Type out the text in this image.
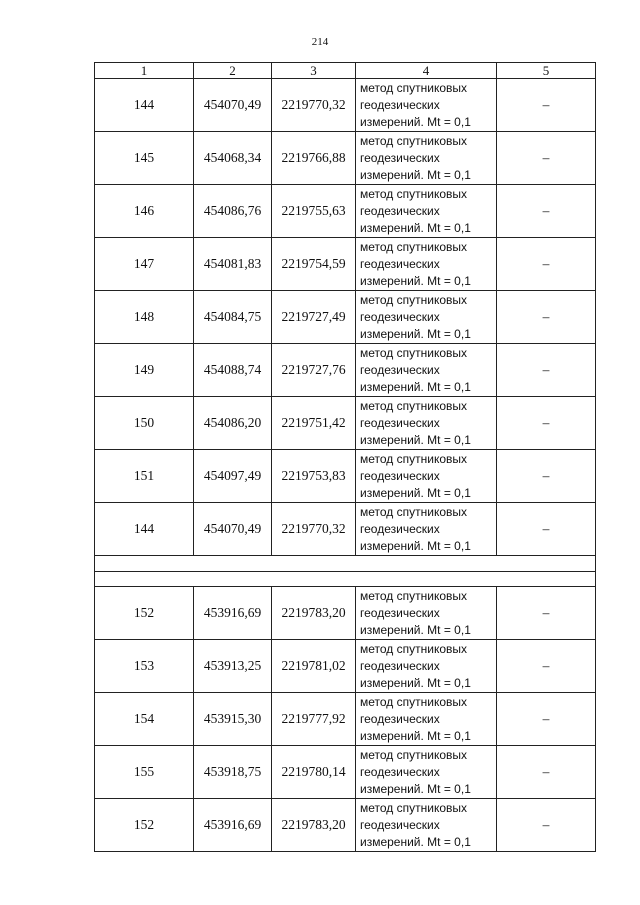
214
1	2	3	4	5
144	454070,49	2219770,32	метод спутниковых
геодезических
измерений. Mt = 0,1	–
145	454068,34	2219766,88	метод спутниковых
геодезических
измерений. Mt = 0,1	–
146	454086,76	2219755,63	метод спутниковых
геодезических
измерений. Mt = 0,1	–
147	454081,83	2219754,59	метод спутниковых
геодезических
измерений. Mt = 0,1	–
148	454084,75	2219727,49	метод спутниковых
геодезических
измерений. Mt = 0,1	–
149	454088,74	2219727,76	метод спутниковых
геодезических
измерений. Mt = 0,1	–
150	454086,20	2219751,42	метод спутниковых
геодезических
измерений. Mt = 0,1	–
151	454097,49	2219753,83	метод спутниковых
геодезических
измерений. Mt = 0,1	–
144	454070,49	2219770,32	метод спутниковых
геодезических
измерений. Mt = 0,1	–

152	453916,69	2219783,20	метод спутниковых
геодезических
измерений. Mt = 0,1	–
153	453913,25	2219781,02	метод спутниковых
геодезических
измерений. Mt = 0,1	–
154	453915,30	2219777,92	метод спутниковых
геодезических
измерений. Mt = 0,1	–
155	453918,75	2219780,14	метод спутниковых
геодезических
измерений. Mt = 0,1	–
152	453916,69	2219783,20	метод спутниковых
геодезических
измерений. Mt = 0,1	–
